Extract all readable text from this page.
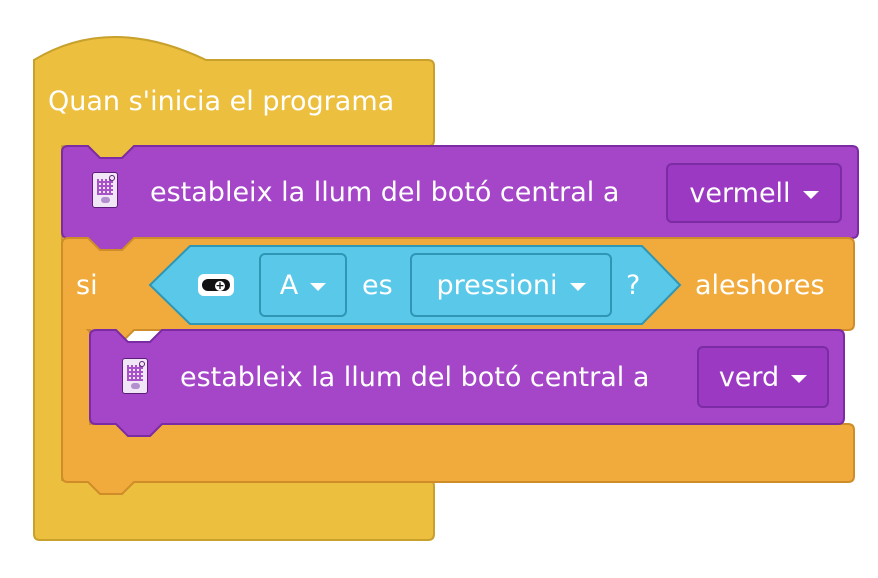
Quan s'inicia el programa
estableix la llum del botó central a	vermell
si	+ A es pressioni	? aleshores
estableix la llum del botó central a	verd
